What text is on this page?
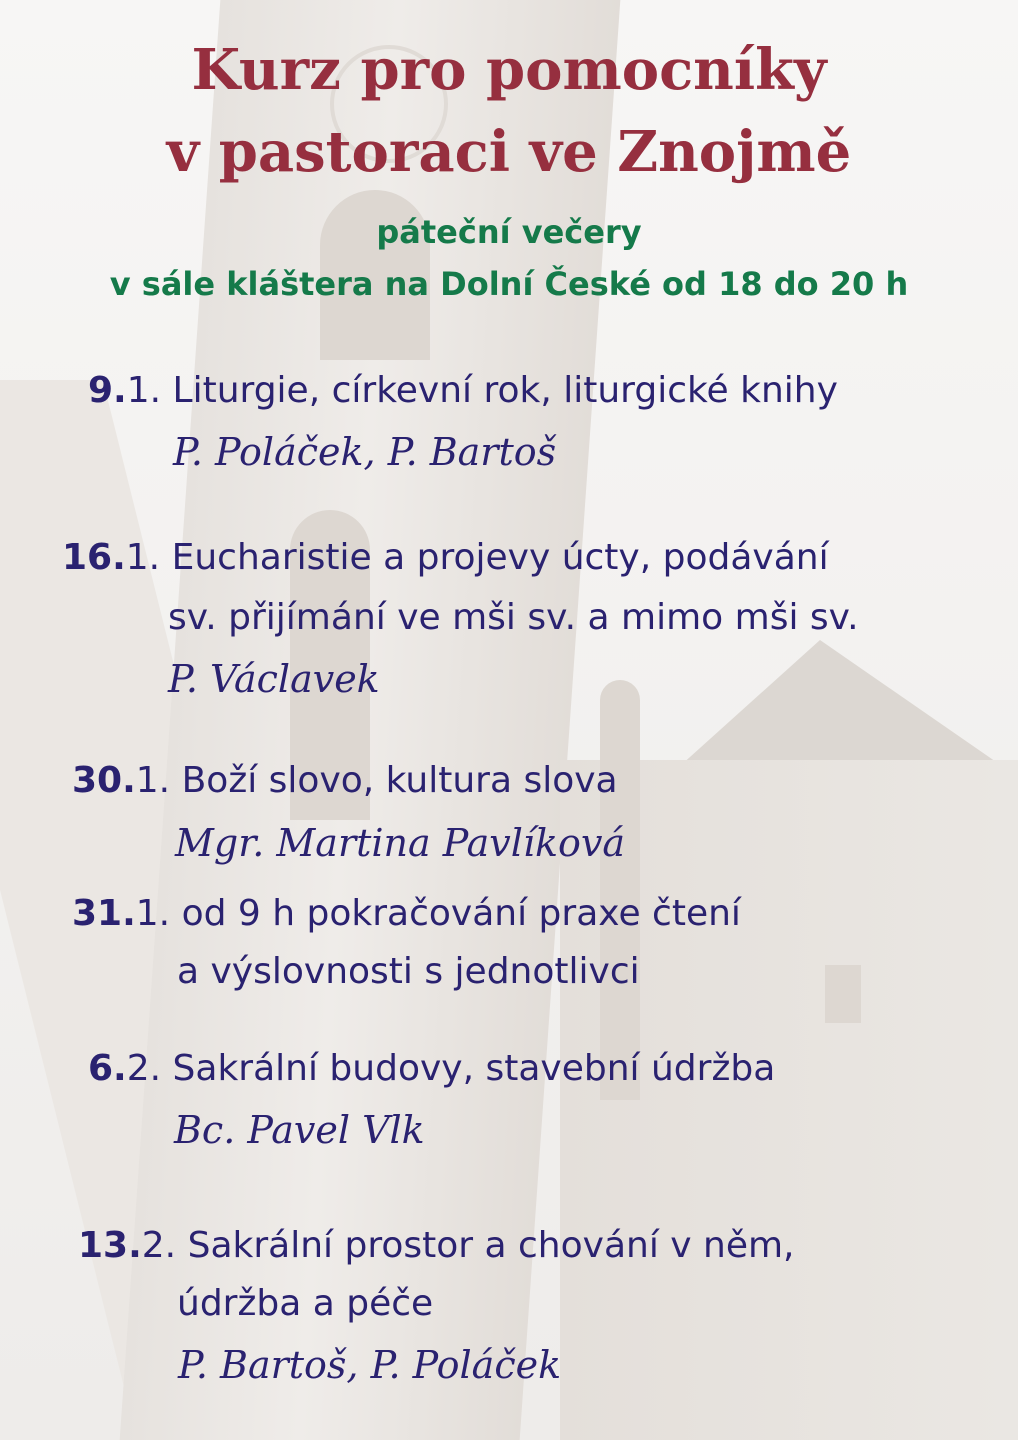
Kurz pro pomocníky
v pastoraci ve Znojmě
páteční večery
v sále kláštera na Dolní České od 18 do 20 h
9.1. Liturgie, církevní rok, liturgické knihy
P. Poláček, P. Bartoš
16.1. Eucharistie a projevy úcty, podávání
sv. přijímání ve mši sv. a mimo mši sv.
P. Václavek
30.1. Boží slovo, kultura slova
Mgr. Martina Pavlíková
31.1. od 9 h pokračování praxe čtení
a výslovnosti s jednotlivci
6.2. Sakrální budovy, stavební údržba
Bc. Pavel Vlk
13.2. Sakrální prostor a chování v něm,
údržba a péče
P. Bartoš, P. Poláček
